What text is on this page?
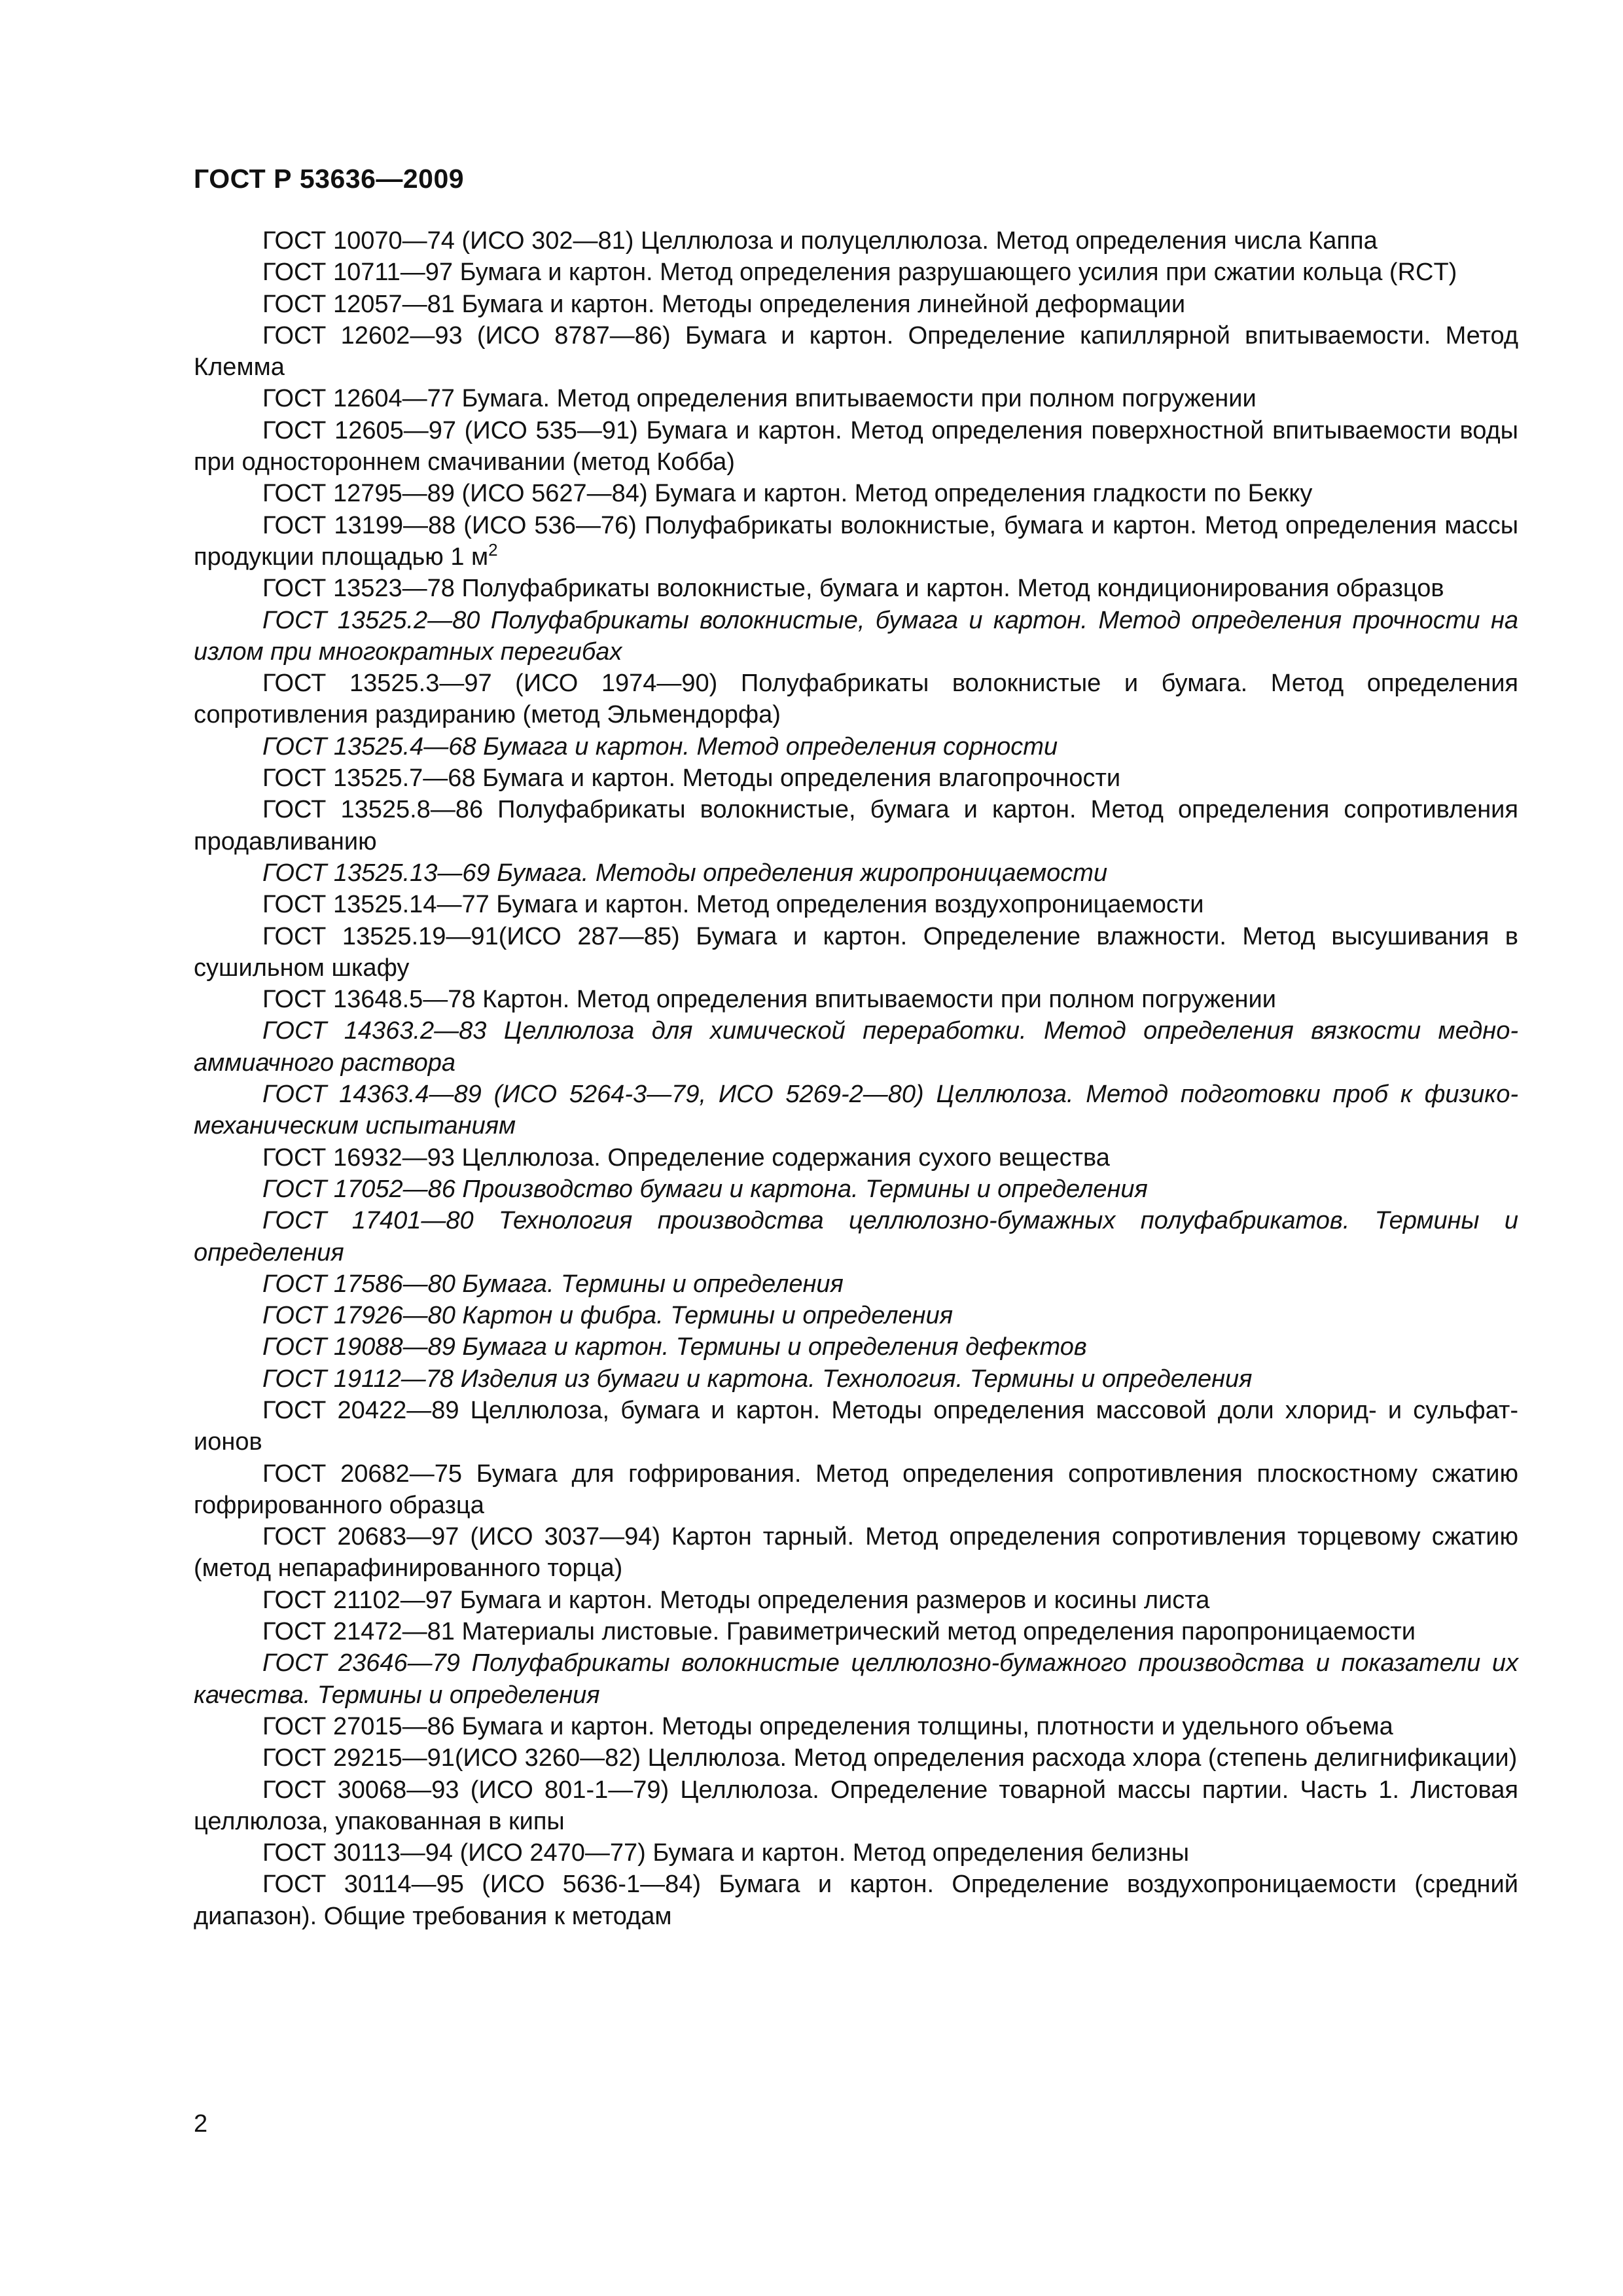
ГОСТ Р 53636—2009

ГОСТ 10070—74 (ИСО 302—81) Целлюлоза и полуцеллюлоза. Метод определения числа Каппа

ГОСТ 10711—97 Бумага и картон. Метод определения разрушающего усилия при сжатии кольца (RCT)

ГОСТ 12057—81 Бумага и картон. Методы определения линейной деформации

ГОСТ 12602—93 (ИСО 8787—86) Бумага и картон. Определение капиллярной впитываемости. Метод Клемма

ГОСТ 12604—77 Бумага. Метод определения впитываемости при полном погружении

ГОСТ 12605—97 (ИСО 535—91) Бумага и картон. Метод определения поверхностной впитываемости воды при одностороннем смачивании (метод Кобба)

ГОСТ 12795—89 (ИСО 5627—84) Бумага и картон. Метод определения гладкости по Бекку

ГОСТ 13199—88 (ИСО 536—76) Полуфабрикаты волокнистые, бумага и картон. Метод определения массы продукции площадью 1 $м^2$

ГОСТ 13523—78 Полуфабрикаты волокнистые, бумага и картон. Метод кондиционирования образцов

ГОСТ 13525.2—80 Полуфабрикаты волокнистые, бумага и картон. Метод определения прочности на излом при многократных перегибах

ГОСТ 13525.3—97 (ИСО 1974—90) Полуфабрикаты волокнистые и бумага. Метод определения сопротивления раздиранию (метод Эльмендорфа)

ГОСТ 13525.4—68 Бумага и картон. Метод определения сорности

ГОСТ 13525.7—68 Бумага и картон. Методы определения влагопрочности

ГОСТ 13525.8—86 Полуфабрикаты волокнистые, бумага и картон. Метод определения сопротивления продавливанию

ГОСТ 13525.13—69 Бумага. Методы определения жиропроницаемости

ГОСТ 13525.14—77 Бумага и картон. Метод определения воздухопроницаемости

ГОСТ 13525.19—91(ИСО 287—85) Бумага и картон. Определение влажности. Метод высушивания в сушильном шкафу

ГОСТ 13648.5—78 Картон. Метод определения впитываемости при полном погружении

ГОСТ 14363.2—83 Целлюлоза для химической переработки. Метод определения вязкости медно-аммиачного раствора

ГОСТ 14363.4—89 (ИСО 5264-3—79, ИСО 5269-2—80) Целлюлоза. Метод подготовки проб к физико-механическим испытаниям

ГОСТ 16932—93 Целлюлоза. Определение содержания сухого вещества

ГОСТ 17052—86 Производство бумаги и картона. Термины и определения

ГОСТ 17401—80 Технология производства целлюлозно-бумажных полуфабрикатов. Термины и определения

ГОСТ 17586—80 Бумага. Термины и определения

ГОСТ 17926—80 Картон и фибра. Термины и определения

ГОСТ 19088—89 Бумага и картон. Термины и определения дефектов

ГОСТ 19112—78 Изделия из бумаги и картона. Технология. Термины и определения

ГОСТ 20422—89 Целлюлоза, бумага и картон. Методы определения массовой доли хлорид- и сульфат-ионов

ГОСТ 20682—75 Бумага для гофрирования. Метод определения сопротивления плоскостному сжатию гофрированного образца

ГОСТ 20683—97 (ИСО 3037—94) Картон тарный. Метод определения сопротивления торцевому сжатию (метод непарафинированного торца)

ГОСТ 21102—97 Бумага и картон. Методы определения размеров и косины листа

ГОСТ 21472—81 Материалы листовые. Гравиметрический метод определения паропроницаемости

ГОСТ 23646—79 Полуфабрикаты волокнистые целлюлозно-бумажного производства и показатели их качества. Термины и определения

ГОСТ 27015—86 Бумага и картон. Методы определения толщины, плотности и удельного объема

ГОСТ 29215—91(ИСО 3260—82) Целлюлоза. Метод определения расхода хлора (степень делигнификации)

ГОСТ 30068—93 (ИСО 801-1—79) Целлюлоза. Определение товарной массы партии. Часть 1. Листовая целлюлоза, упакованная в кипы

ГОСТ 30113—94 (ИСО 2470—77) Бумага и картон. Метод определения белизны

ГОСТ 30114—95 (ИСО 5636-1—84) Бумага и картон. Определение воздухопроницаемости (средний диапазон). Общие требования к методам

2
